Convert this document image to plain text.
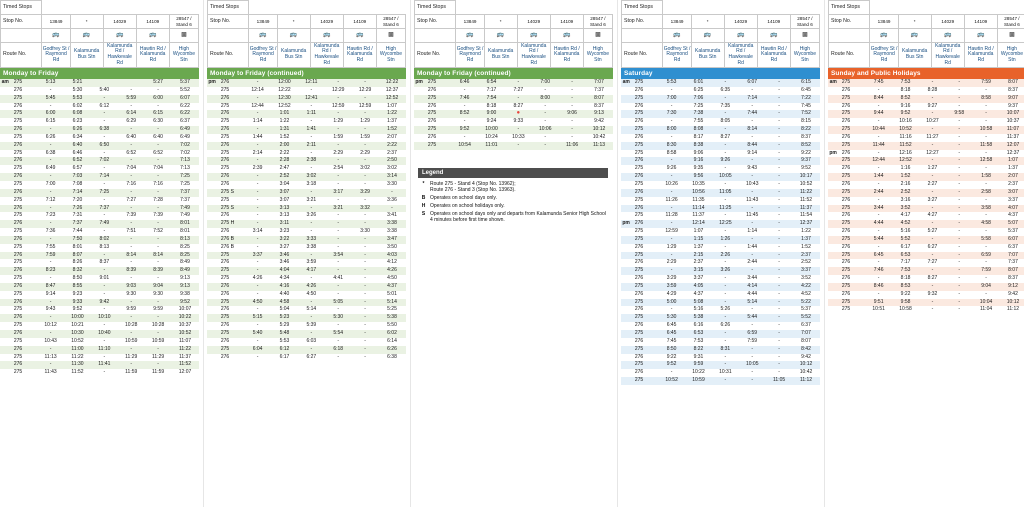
Timed Stops					
Stop No.	13849	*	14029	14109	28547 / Stand 6
	🚌	🚌	🚌	🚌	▩
Route No.	Godfrey St / Raymond Rd	Kalamunda Bus Stn	Kalamunda Rd / Hawkevale Rd	Hawtin Rd / Kalamunda Rd	High Wycombe Stn
Monday to Friday
am	275	5:13	5:21			5:27	5:37
	276	-	5:30	5:40	-	-	5:52
	275	5:45	5:53	-	5:59	6:00	6:07
	276	-	6:02	6:12	-	-	6:22
	275	6:00	6:08	-	6:14	6:15	6:22
	275	6:15	6:23	-	6:29	6:30	6:37
	276	-	6:26	6:38	-	-	6:49
	275	6:26	6:34	-	6:40	6:40	6:49
	276	-	6:40	6:50	-	-	7:02
	275	6:38	6:46	-	6:52	6:52	7:02
	276	-	6:52	7:02	-	-	7:13
	275	6:49	6:57	-	7:04	7:04	7:13
	276	-	7:03	7:14	-	-	7:25
	275	7:00	7:08	-	7:16	7:16	7:25
	276	-	7:14	7:25	-	-	7:37
	275	7:12	7:20	-	7:27	7:28	7:37
	276	-	7:26	7:37	-	-	7:49
	275	7:23	7:31	-	7:39	7:39	7:49
	276	-	7:37	7:49	-	-	8:01
	275	7:36	7:44	-	7:51	7:52	8:01
	276	-	7:50	8:02	-	-	8:13
	275	7:55	8:01	8:13	-	-	8:25
	276	7:59	8:07	-	8:14	8:14	8:25
	275	-	8:26	8:37	-	-	8:49
	276	8:23	8:32	-	8:39	8:39	8:49
	275	-	8:50	9:01	-	-	9:13
	276	8:47	8:55	-	9:03	9:04	9:13
	275	9:14	9:23	-	9:30	9:30	9:38
	276	-	9:33	9:42	-	-	9:52
	275	9:43	9:52	-	9:59	9:59	10:07
	276	-	10:00	10:10	-	-	10:22
	275	10:12	10:21	-	10:28	10:28	10:37
	276	-	10:30	10:40	-	-	10:52
	275	10:43	10:52	-	10:59	10:59	11:07
	276	-	11:00	11:10	-	-	11:22
	275	11:13	11:22	-	11:29	11:29	11:37
	276	-	11:30	11:41	-	-	11:52
	275	11:43	11:52	-	11:59	11:59	12:07
Timed Stops					
Stop No.	13849	*	14029	14109	28547 / Stand 6
	🚌	🚌	🚌	🚌	▩
Route No.	Godfrey St / Raymond Rd	Kalamunda Bus Stn	Kalamunda Rd / Hawkevale Rd	Hawtin Rd / Kalamunda Rd	High Wycombe Stn
Monday to Friday (continued)
pm	276	-	12:00	12:11	-	-	12:22
	275	12:14	12:22	-	12:29	12:29	12:37
	276	-	12:30	12:41	-	-	12:52
	275	12:44	12:52	-	12:59	12:59	1:07
	276	-	1:01	1:11	-	-	1:22
	275	1:14	1:22	-	1:29	1:29	1:37
	276	-	1:31	1:41	-	-	1:52
	275	1:44	1:52	-	1:59	1:59	2:07
	276	-	2:00	2:11	-	-	2:22
	275	2:14	2:22	-	2:29	2:29	2:37
	276	-	2:28	2:38	-	-	2:50
	275	2:39	2:47	-	2:54	3:02	3:02
	276	-	2:52	3:02	-	-	3:14
	276	-	3:04	3:18	-	-	3:30
	275 S	-	3:07	-	3:17	3:29	-
	275	-	3:07	3:21	-	-	3:36
	275 S	-	3:13	-	3:21	3:32	-
	276	-	3:13	3:26	-	-	3:41
	275 H	-	3:11	-	-	-	3:38
	276	3:14	3:23	-	-	3:30	3:38
	276 B	-	3:22	3:33	-	-	3:47
	276 B	-	3:27	3:38	-	-	3:50
	275	3:37	3:46	-	3:54	-	4:03
	276	-	3:46	3:59	-	-	4:12
	275	-	4:04	4:17	-	-	4:26
	275	4:26	4:34	-	4:41	-	4:50
	276	-	4:16	4:26	-	-	4:37
	276	-	4:40	4:50	-	-	5:01
	275	4:50	4:58	-	5:05	-	5:14
	276	-	5:04	5:14	-	-	5:25
	275	5:15	5:23	-	5:30	-	5:38
	276	-	5:29	5:39	-	-	5:50
	275	5:40	5:48	-	5:54	-	6:02
	276	-	5:53	6:03	-	-	6:14
	275	6:04	6:12	-	6:18	-	6:26
	276	-	6:17	6:27	-	-	6:38
Timed Stops					
Stop No.	13849	*	14029	14109	28547 / Stand 6
	🚌	🚌	🚌	🚌	▩
Route No.	Godfrey St / Raymond Rd	Kalamunda Bus Stn	Kalamunda Rd / Hawkevale Rd	Hawtin Rd / Kalamunda Rd	High Wycombe Stn
Monday to Friday (continued)
pm	275	6:46	6:54	-	7:00	-	7:07
	276	-	7:17	7:27	-	-	7:37
	275	7:46	7:54	-	8:00	-	8:07
	276	-	8:18	8:27	-	-	8:37
	275	8:52	9:00	●	-	9:06	9:13
	276	-	9:24	9:33	-	-	9:42
	275	9:52	10:00	-	10:06	-	10:12
	276	-	10:24	10:33	-	-	10:42
	275	10:54	11:01	-	-	11:06	11:13
Timed Stops					
Stop No.	13849	*	14029	14109	28547 / Stand 6
	🚌	🚌	🚌	🚌	▩
Route No.	Godfrey St / Raymond Rd	Kalamunda Bus Stn	Kalamunda Rd / Hawkevale Rd	Hawtin Rd / Kalamunda Rd	High Wycombe Stn
Saturday
am	275	5:53	6:01	-	6:07	-	6:15
	276	-	6:25	6:35	-	-	6:45
	275	7:00	7:06	-	7:14	-	7:22
	276	-	7:25	7:35	-	-	7:45
	275	7:30	7:38	-	7:44	-	7:52
	276	-	7:55	8:05	-	-	8:15
	275	8:00	8:08	-	8:14	-	8:22
	276	-	8:17	8:27	-	-	8:37
	275	8:30	8:38	-	8:44	-	8:52
	275	8:58	9:06	-	9:14	-	9:22
	276	-	9:16	9:26	-	-	9:37
	275	9:26	9:35	-	9:43	-	9:52
	276	-	9:56	10:05	-	-	10:17
	275	10:26	10:35	-	10:43	-	10:52
	276	-	10:56	11:05	-	-	11:22
	275	11:26	11:35	-	11:43	-	11:52
	276	-	11:14	11:25	-	-	11:37
	275	11:28	11:37	-	11:45	-	11:54
pm	276	-	12:14	12:25	-	-	12:37
	275	12:59	1:07	-	1:14	-	1:22
	275	-	1:15	1:26	-	-	1:37
	276	1:29	1:37	-	1:44	-	1:52
	275	-	2:15	2:26	-	-	2:37
	276	2:29	2:37	-	2:44	-	2:52
	275	-	3:15	3:26	-	-	3:37
	276	3:29	3:37	-	3:44	-	3:52
	275	3:59	4:05	-	4:14	-	4:22
	276	4:29	4:37	-	4:44	-	4:52
	275	5:00	5:08	-	5:14	-	5:22
	276	-	5:16	5:26	-	-	5:37
	275	5:30	5:38	-	5:44	-	5:52
	276	6:45	6:16	6:26	-	-	6:37
	275	6:45	6:53	-	6:59	-	7:07
	276	7:45	7:53	-	7:59	-	8:07
	275	8:50	8:22	8:31	-	-	8:42
	276	9:22	9:31	-	-	-	9:42
	275	9:52	9:59	-	10:05	-	10:12
	276	-	10:22	10:31	-	-	10:42
	275	10:52	10:59	-	-	11:05	11:12
Timed Stops					
Stop No.	13849	*	14029	14109	28547 / Stand 6
	🚌	🚌	🚌	🚌	▩
Route No.	Godfrey St / Raymond Rd	Kalamunda Bus Stn	Kalamunda Rd / Hawkevale Rd	Hawtin Rd / Kalamunda Rd	High Wycombe Stn
Sunday and Public Holidays
am	275	7:45	7:53	-	-	7:59	8:07
	276	-	8:18	8:28	-	-	8:37
	275	8:44	8:52	-	-	8:58	9:07
	276	-	9:16	9:27	-	-	9:37
	275	9:44	9:52	-	9:58	-	10:07
	276	-	10:16	10:27	-	-	10:37
	275	10:44	10:52	-	-	10:58	11:07
	276	-	11:16	11:27	-	-	11:37
	275	11:44	11:52	-	-	11:58	12:07
pm	276	-	12:16	12:27	-	-	12:37
	275	12:44	12:52	-	-	12:58	1:07
	276	-	1:16	1:27	-	-	1:37
	275	1:44	1:52	-	-	1:58	2:07
	276	-	2:16	2:27	-	-	2:37
	275	2:44	2:52	-	-	2:58	3:07
	276	-	3:16	3:27	-	-	3:37
	275	3:44	3:52	-	-	3:58	4:07
	276	-	4:17	4:27	-	-	4:37
	275	4:44	4:52	-	-	4:58	5:07
	276	-	5:16	5:27	-	-	5:37
	275	5:44	5:52	-	-	5:58	6:07
	276	-	6:17	6:27	-	-	6:37
	275	6:45	6:53	-	-	6:59	7:07
	276	-	7:17	7:27	-	-	7:37
	275	7:46	7:53	-	-	7:59	8:07
	276	-	8:18	8:27	-	-	8:37
	275	8:46	8:53	-	-	9:04	9:12
	276	-	9:22	9:32	-	-	9:42
	275	9:51	9:58	-	-	10:04	10:12
	275	10:51	10:58	-	-	11:04	11:12
Legend
*	Route 275 - Stand 4 (Stop No. 13962);
Route 276 - Stand 3 (Stop No. 13963).
B Operates on school days only.
H Operates on school holidays only.
S Operates on school days only and departs from Kalamunda Senior High School 4 minutes before first time shown.
